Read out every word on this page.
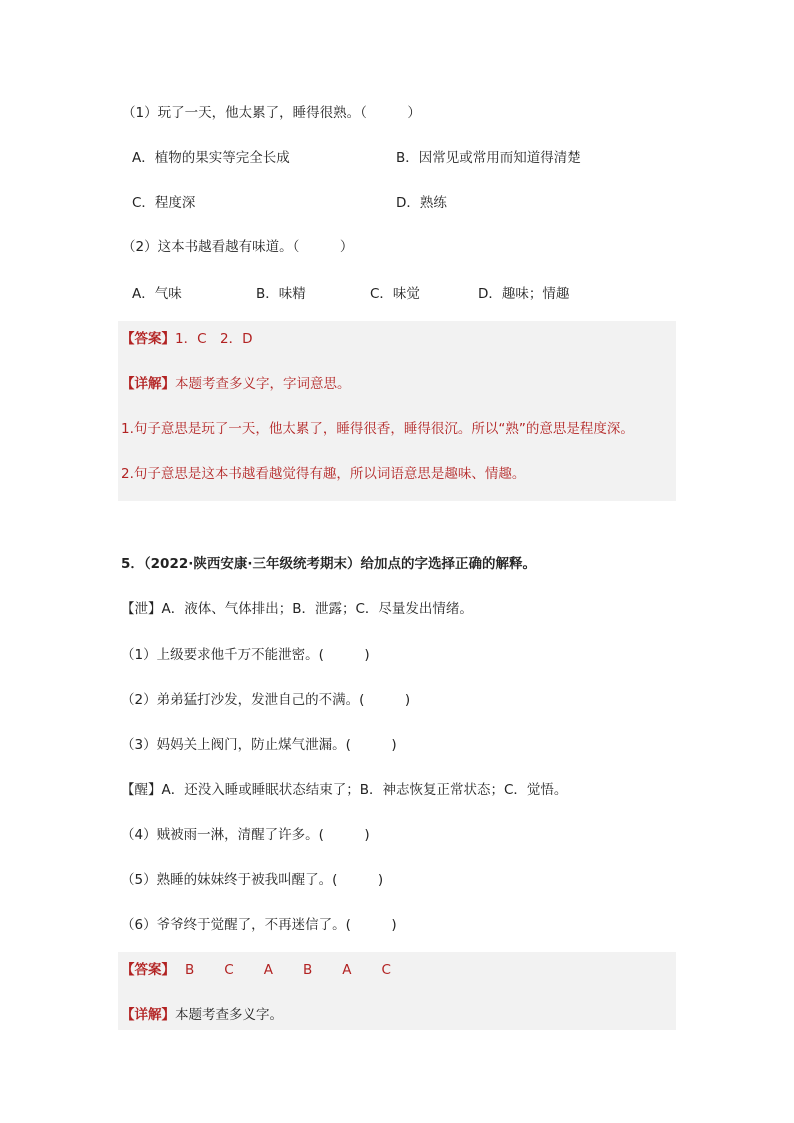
（1）玩了一天，他太累了，睡得很熟。（　　　）
A．植物的果实等完全长成	B．因常见或常用而知道得清楚
C．程度深	D．熟练
（2）这本书越看越有味道。（　　　）
A．气味	B．味精	C．味觉	D．趣味；情趣
【答案】1．C　2．D
【详解】本题考查多义字，字词意思。
1.句子意思是玩了一天，他太累了，睡得很香，睡得很沉。所以“熟”的意思是程度深。
2.句子意思是这本书越看越觉得有趣，所以词语意思是趣味、情趣。
5．（2022·陕西安康·三年级统考期末）给加点的字选择正确的解释。
【泄】A．液体、气体排出；B．泄露；C．尽量发出情绪。
（1）上级要求他千万不能泄密。(　　　)
（2）弟弟猛打沙发，发泄自己的不满。(　　　)
（3）妈妈关上阀门，防止煤气泄漏。(　　　)
【醒】A．还没入睡或睡眠状态结束了；B．神志恢复正常状态；C．觉悟。
（4）贼被雨一淋，清醒了许多。(　　　)
（5）熟睡的妹妹终于被我叫醒了。(　　　)
（6）爷爷终于觉醒了，不再迷信了。(　　　)
【答案】 B C A B A C
【详解】本题考查多义字。
